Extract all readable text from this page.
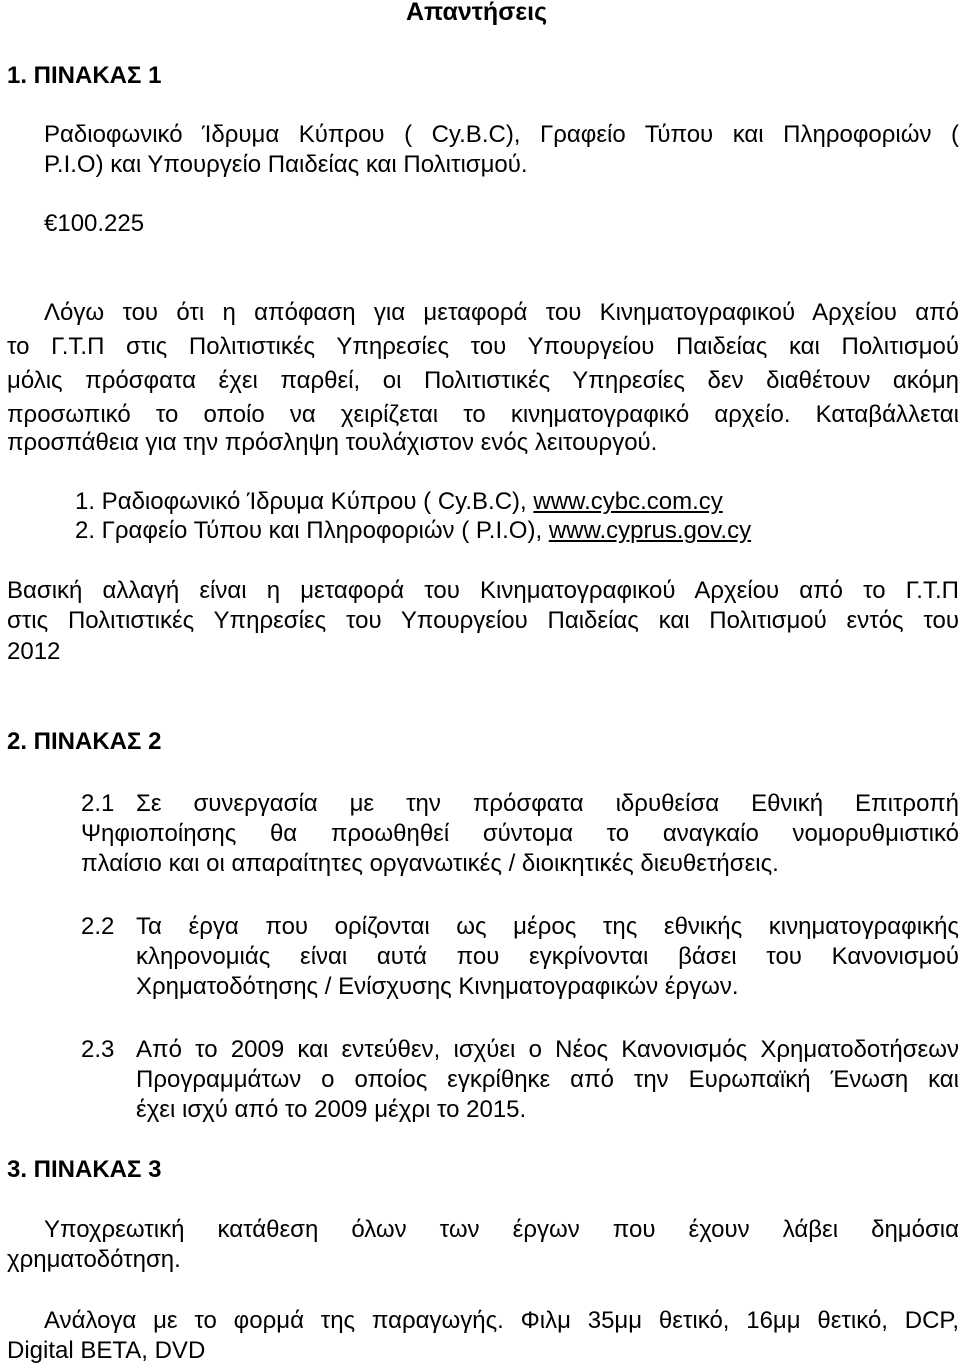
Απαντήσεις
1. ΠΙΝΑΚΑΣ 1
Ραδιοφωνικό Ίδρυμα Κύπρου ( Cy.B.C), Γραφείο Τύπου και Πληροφοριών (
P.I.O) και Υπουργείο Παιδείας και Πολιτισμού.
€100.225
Λόγω του ότι η απόφαση για μεταφορά του Κινηματογραφικού Αρχείου από
το Γ.Τ.Π στις Πολιτιστικές Υπηρεσίες του Υπουργείου Παιδείας και Πολιτισμού
μόλις πρόσφατα έχει παρθεί, οι Πολιτιστικές Υπηρεσίες δεν διαθέτουν ακόμη
προσωπικό το οποίο να χειρίζεται το κινηματογραφικό αρχείο. Καταβάλλεται
προσπάθεια για την πρόσληψη τουλάχιστον ενός λειτουργού.
1. Ραδιοφωνικό Ίδρυμα Κύπρου ( Cy.B.C), www.cybc.com.cy
2. Γραφείο Τύπου και Πληροφοριών ( P.I.O), www.cyprus.gov.cy
Βασική αλλαγή είναι η μεταφορά του Κινηματογραφικού Αρχείου από το Γ.Τ.Π
στις Πολιτιστικές Υπηρεσίες του Υπουργείου Παιδείας και Πολιτισμού εντός του
2012
2. ΠΙΝΑΚΑΣ 2
2.1 Σε συνεργασία με την πρόσφατα ιδρυθείσα Εθνική Επιτροπή
Ψηφιοποίησης θα προωθηθεί σύντομα το αναγκαίο νομορυθμιστικό
πλαίσιο και οι απαραίτητες οργανωτικές / διοικητικές διευθετήσεις.
2.2 Τα έργα που ορίζονται ως μέρος της εθνικής κινηματογραφικής
κληρονομιάς είναι αυτά που εγκρίνονται βάσει του Κανονισμού
Χρηματοδότησης / Ενίσχυσης Κινηματογραφικών έργων.
2.3 Από το 2009 και εντεύθεν, ισχύει ο Νέος Κανονισμός Χρηματοδοτήσεων
Προγραμμάτων ο οποίος εγκρίθηκε από την Ευρωπαϊκή Ένωση και
έχει ισχύ από το 2009 μέχρι το 2015.
3. ΠΙΝΑΚΑΣ 3
Υποχρεωτική κατάθεση όλων των έργων που έχουν λάβει δημόσια
χρηματοδότηση.
Ανάλογα με το φορμά της παραγωγής. Φιλμ 35μμ θετικό, 16μμ θετικό, DCP,
Digital BETA, DVD
